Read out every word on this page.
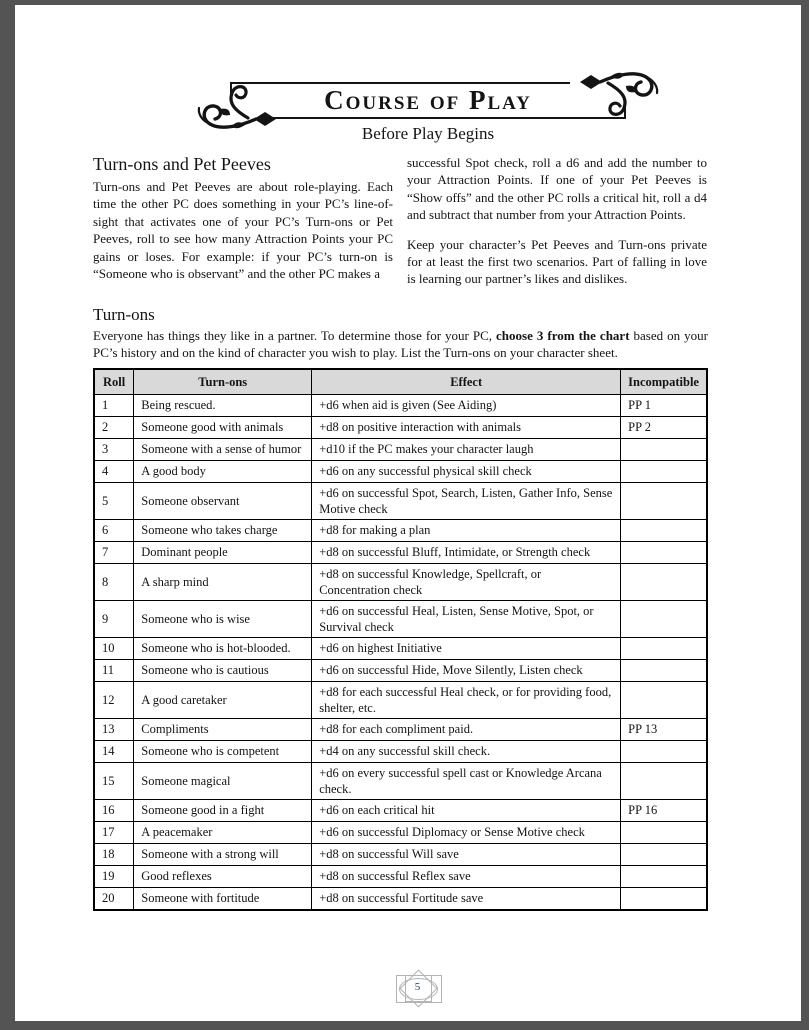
Course of Play
Before Play Begins
Turn-ons and Pet Peeves

Turn-ons and Pet Peeves are about role-playing. Each time the other PC does something in your PC’s line-of-sight that activates one of your PC’s Turn-ons or Pet Peeves, roll to see how many Attraction Points your PC gains or loses. For example: if your PC’s turn-on is “Someone who is observant” and the other PC makes a

successful Spot check, roll a d6 and add the number to your Attraction Points. If one of your Pet Peeves is “Show offs” and the other PC rolls a critical hit, roll a d4 and subtract that number from your Attraction Points.

Keep your character’s Pet Peeves and Turn-ons private for at least the first two scenarios. Part of falling in love is learning our partner’s likes and dislikes.

Turn-ons

Everyone has things they like in a partner. To determine those for your PC, choose 3 from the chart based on your PC’s history and on the kind of character you wish to play. List the Turn-ons on your character sheet.

Roll	Turn-ons	Effect	Incompatible
1	Being rescued.	+d6 when aid is given (See Aiding)	PP 1
2	Someone good with animals	+d8 on positive interaction with animals	PP 2
3	Someone with a sense of humor	+d10 if the PC makes your character laugh	
4	A good body	+d6 on any successful physical skill check	
5	Someone observant	+d6 on successful Spot, Search, Listen, Gather Info, Sense Motive check	
6	Someone who takes charge	+d8 for making a plan	
7	Dominant people	+d8 on successful Bluff, Intimidate, or Strength check	
8	A sharp mind	+d8 on successful Knowledge, Spellcraft, or Concentration check	
9	Someone who is wise	+d6 on successful Heal, Listen, Sense Motive, Spot, or Survival check	
10	Someone who is hot-blooded.	+d6 on highest Initiative	
11	Someone who is cautious	+d6 on successful Hide, Move Silently, Listen check	
12	A good caretaker	+d8 for each successful Heal check, or for providing food, shelter, etc.	
13	Compliments	+d8 for each compliment paid.	PP 13
14	Someone who is competent	+d4 on any successful skill check.	
15	Someone magical	+d6 on every successful spell cast or Knowledge Arcana check.	
16	Someone good in a fight	+d6 on each critical hit	PP 16
17	A peacemaker	+d6 on successful Diplomacy or Sense Motive check	
18	Someone with a strong will	+d8 on successful Will save	
19	Good reflexes	+d8 on successful Reflex save	
20	Someone with fortitude	+d8 on successful Fortitude save	
5
